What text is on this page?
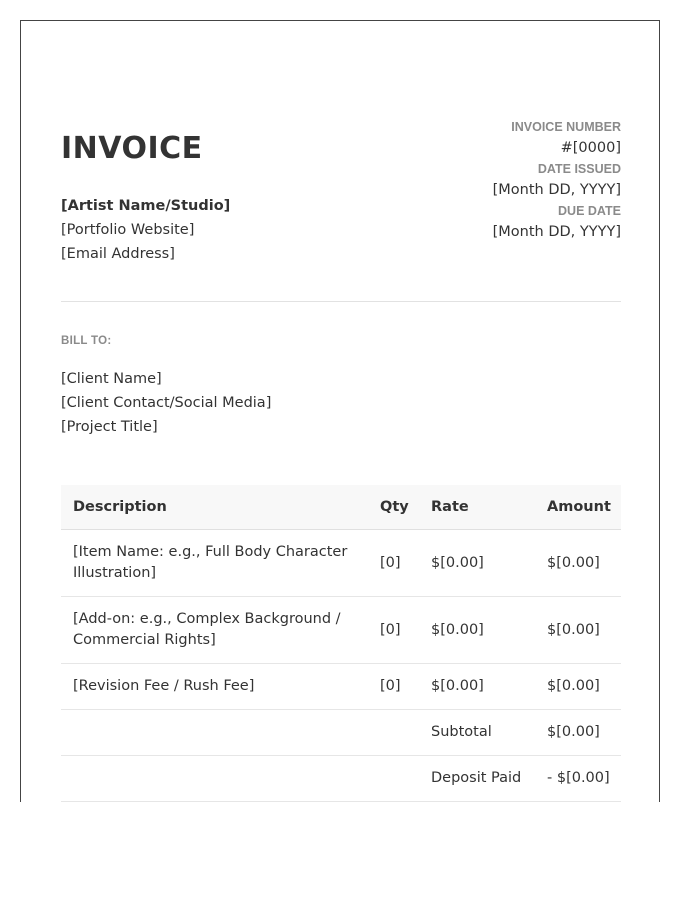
INVOICE
[Artist Name/Studio]
[Portfolio Website]
[Email Address]
INVOICE NUMBER
#[0000]
DATE ISSUED
[Month DD, YYYY]
DUE DATE
[Month DD, YYYY]
BILL TO:
[Client Name]
[Client Contact/Social Media]
[Project Title]
Description	Qty	Rate	Amount
[Item Name: e.g., Full Body Character Illustration]	[0]	$[0.00]	$[0.00]
[Add-on: e.g., Complex Background / Commercial Rights]	[0]	$[0.00]	$[0.00]
[Revision Fee / Rush Fee]	[0]	$[0.00]	$[0.00]
		Subtotal	$[0.00]
		Deposit Paid	- $[0.00]
